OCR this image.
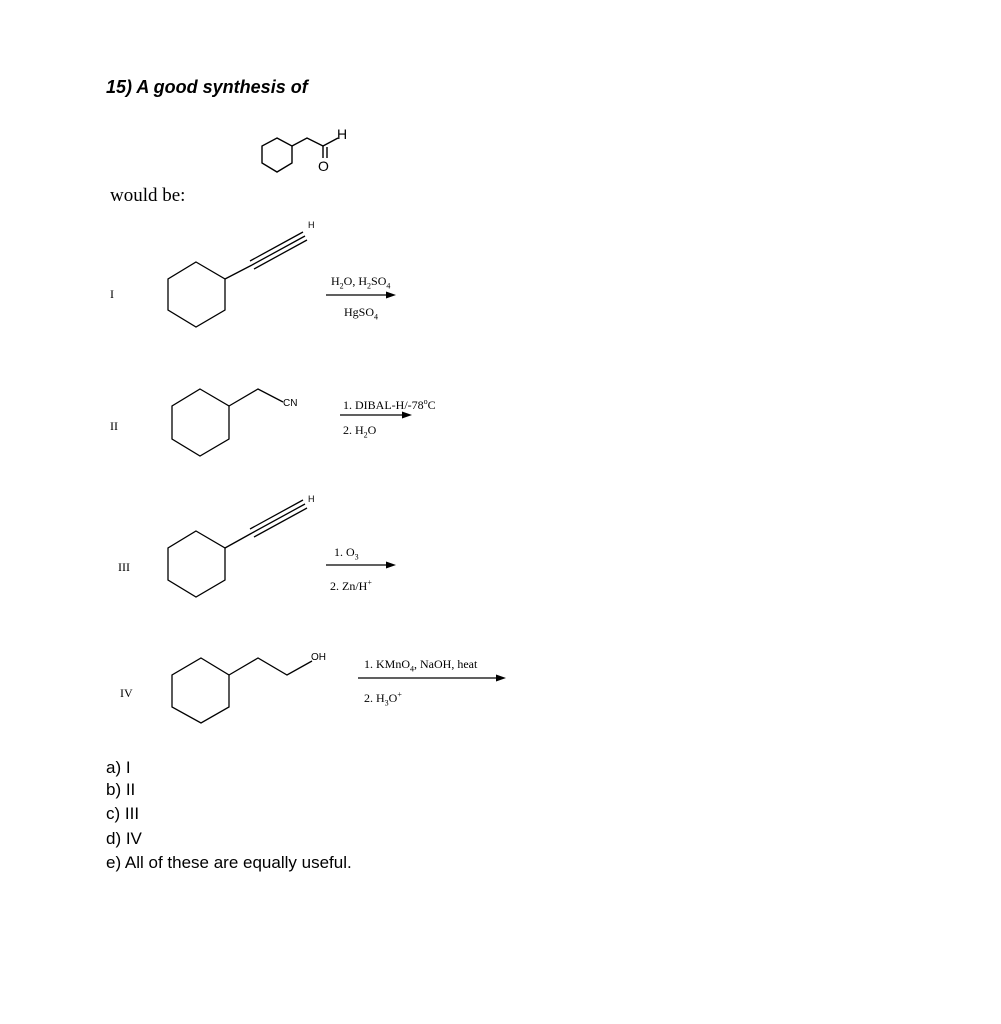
15) A good synthesis of
H
O
would be:
I
H
$H_2O$, $H_2SO_4$
HgSO$_4$
II
CN	1. DIBAL-H/-78$^o$C
2. $H_2O$
III
H
1. $O_3$
2. Zn/H+
IV
OH	1. KMnO$_4$, NaOH, heat
2. $H_3O^+$
a) I
b) II
c) III
d) IV
e) All of these are equally useful.
